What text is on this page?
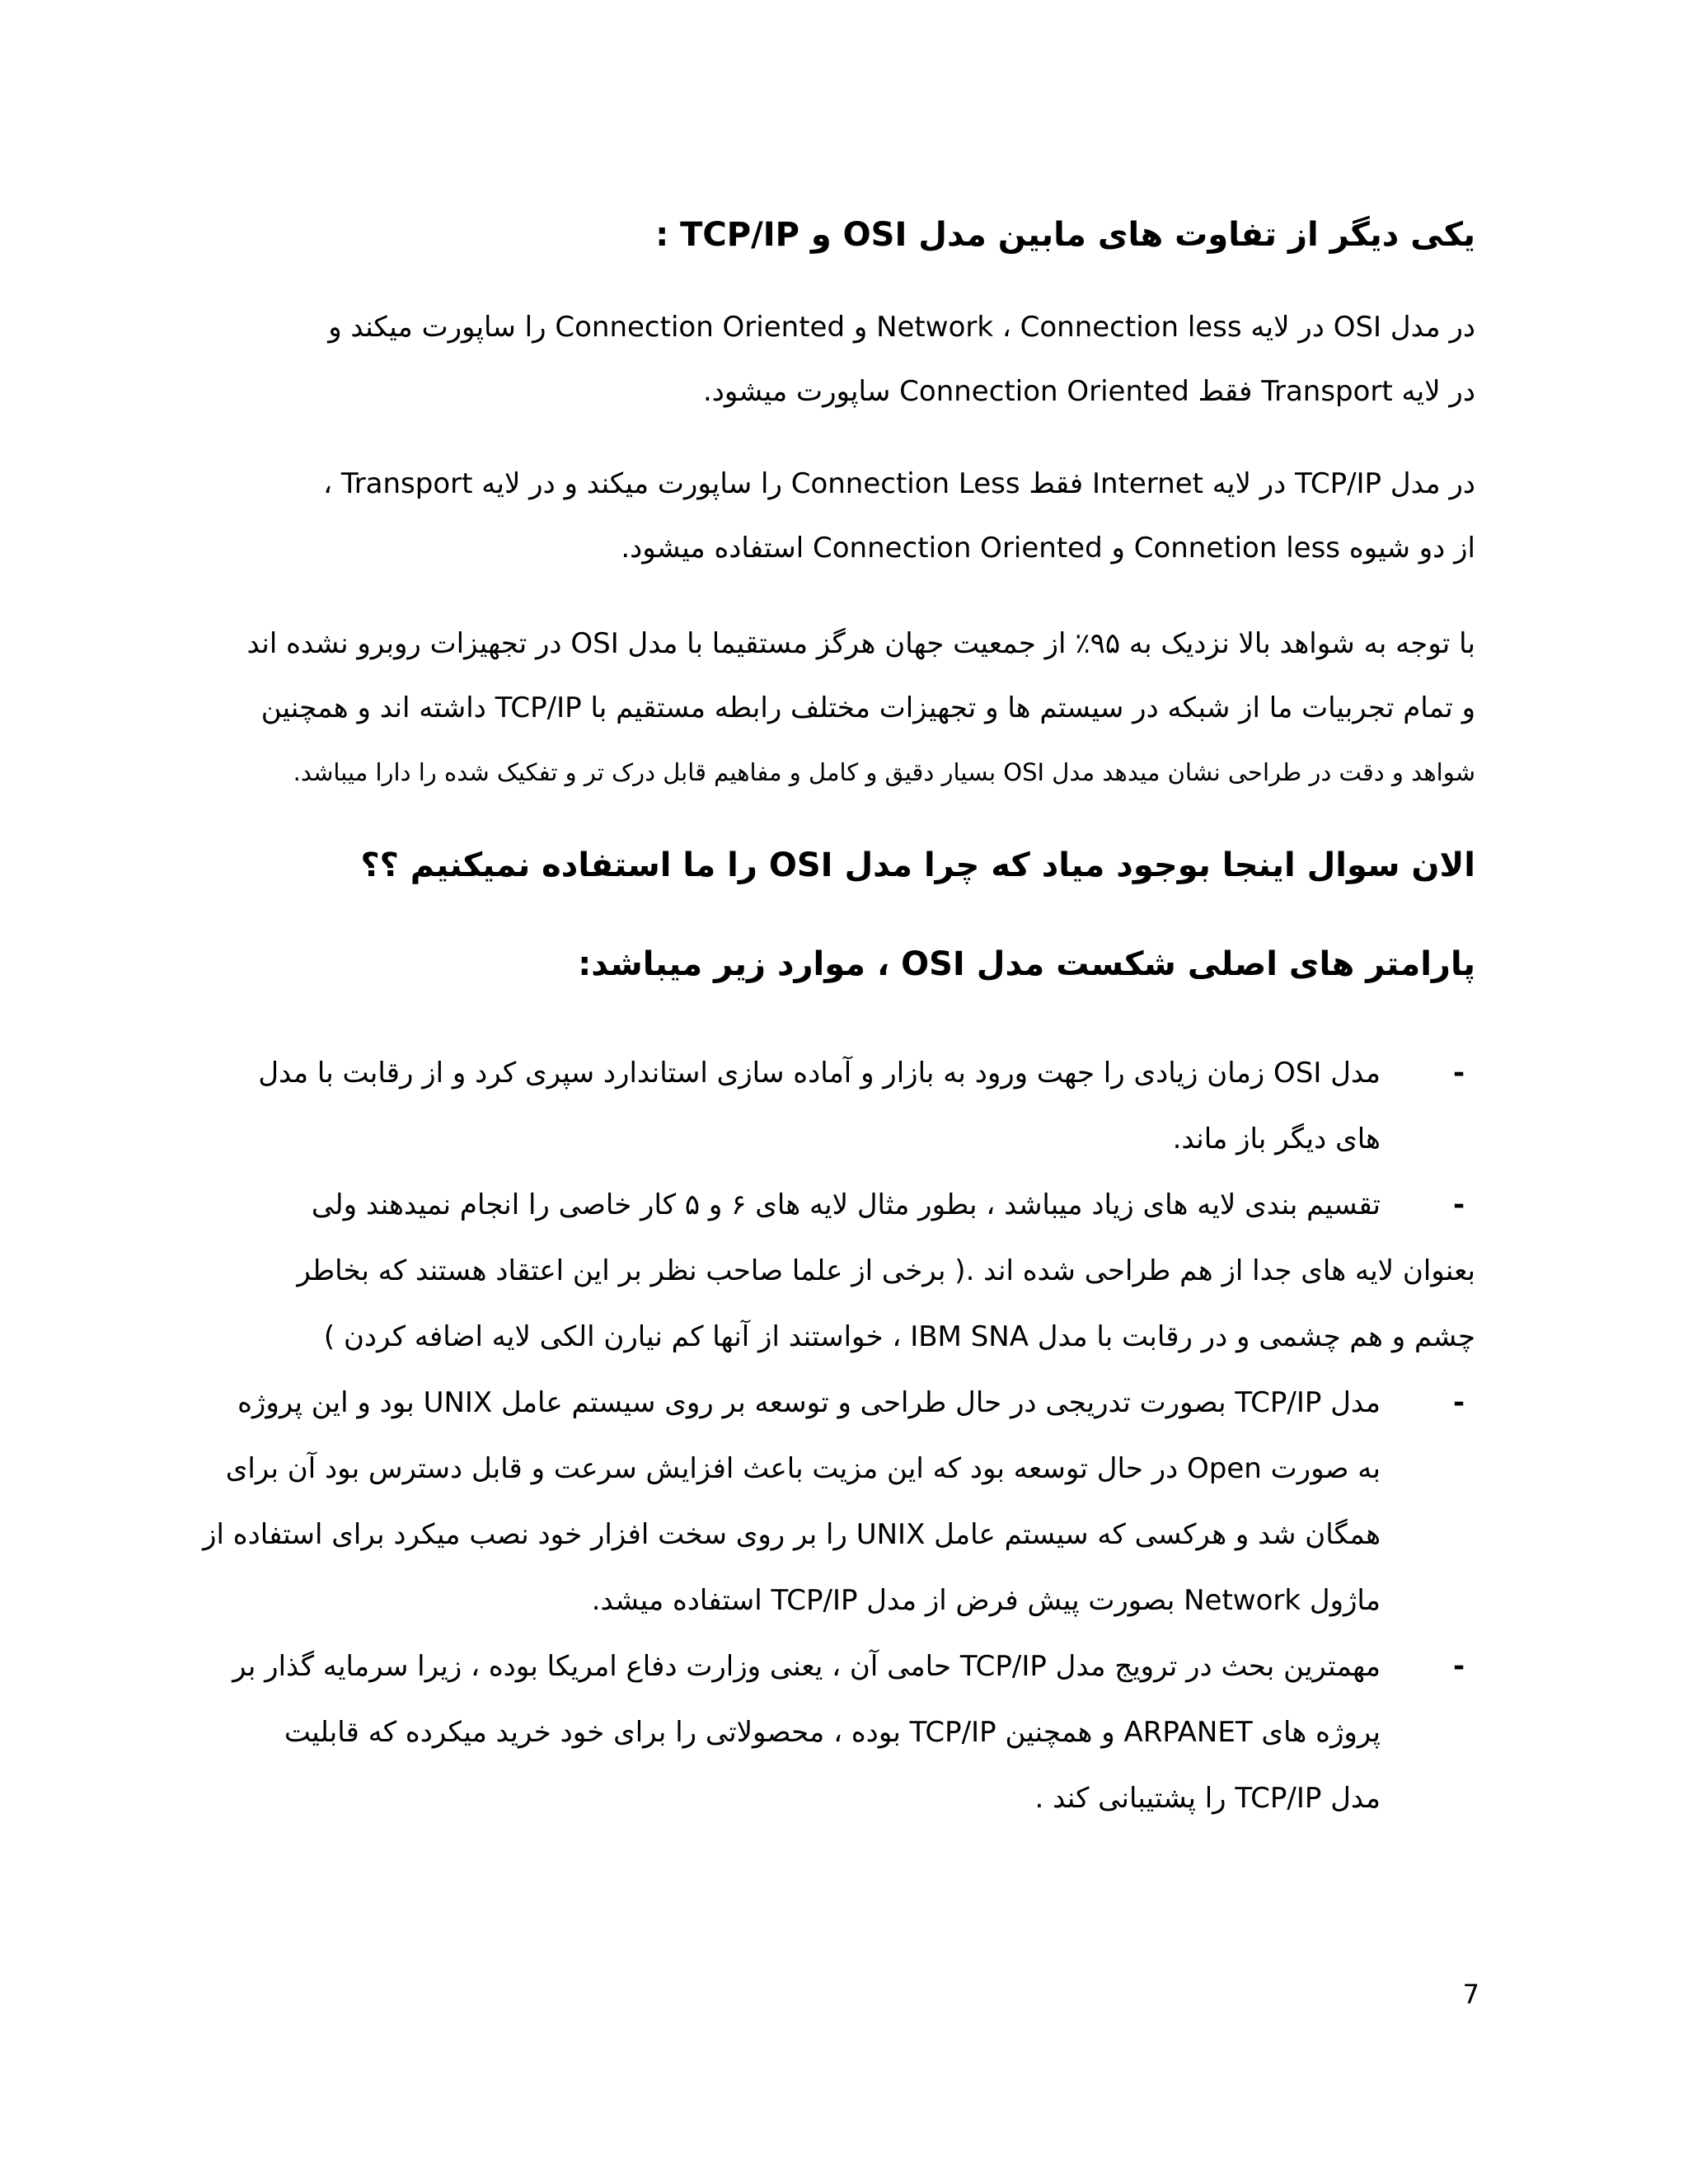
یکی دیگر از تفاوت های مابین مدل OSI و TCP/IP :
در مدل OSI در لایه Network ، Connection less و Connection Oriented را ساپورت میکند و
در لایه Transport فقط Connection Oriented ساپورت میشود.
در مدل TCP/IP در لایه Internet فقط Connection Less را ساپورت میکند و در لایه Transport ،
از دو شیوه Connetion less و Connection Oriented استفاده میشود.
با توجه به شواهد بالا نزدیک به ۹۵٪ از جمعیت جهان هرگز مستقیما با مدل OSI در تجهیزات روبرو نشده اند
و تمام تجربیات ما از شبکه در سیستم ها و تجهیزات مختلف رابطه مستقیم با TCP/IP داشته اند و همچنین
شواهد و دقت در طراحی نشان میدهد مدل OSI بسیار دقیق و کامل و مفاهیم قابل درک تر و تفکیک شده را دارا میباشد.
الان سوال اینجا بوجود میاد که چرا مدل OSI را ما استفاده نمیکنیم ؟؟
پارامتر های اصلی شکست مدل OSI ، موارد زیر میباشد:
-
مدل OSI زمان زیادی را جهت ورود به بازار و آماده سازی استاندارد سپری کرد و از رقابت با مدل
های دیگر باز ماند.
-
تقسیم بندی لایه های زیاد میباشد ، بطور مثال لایه های ۶ و ۵ کار خاصی را انجام نمیدهند ولی
بعنوان لایه های جدا از هم طراحی شده اند .( برخی از علما صاحب نظر بر این اعتقاد هستند که بخاطر
چشم و هم چشمی و در رقابت با مدل IBM SNA ، خواستند از آنها کم نیارن الکی لایه اضافه کردن )
-
مدل TCP/IP بصورت تدریجی در حال طراحی و توسعه بر روی سیستم عامل UNIX بود و این پروژه
به صورت Open در حال توسعه بود که این مزیت باعث افزایش سرعت و قابل دسترس بود آن برای
همگان شد و هرکسی که سیستم عامل UNIX را بر روی سخت افزار خود نصب میکرد برای استفاده از
ماژول Network بصورت پیش فرض از مدل TCP/IP استفاده میشد.
-
مهمترین بحث در ترویج مدل TCP/IP حامی آن ، یعنی وزارت دفاع امریکا بوده ، زیرا سرمایه گذار بر
پروژه های ARPANET و همچنین TCP/IP بوده ، محصولاتی را برای خود خرید میکرده که قابلیت
مدل TCP/IP را پشتیبانی کند .
7
